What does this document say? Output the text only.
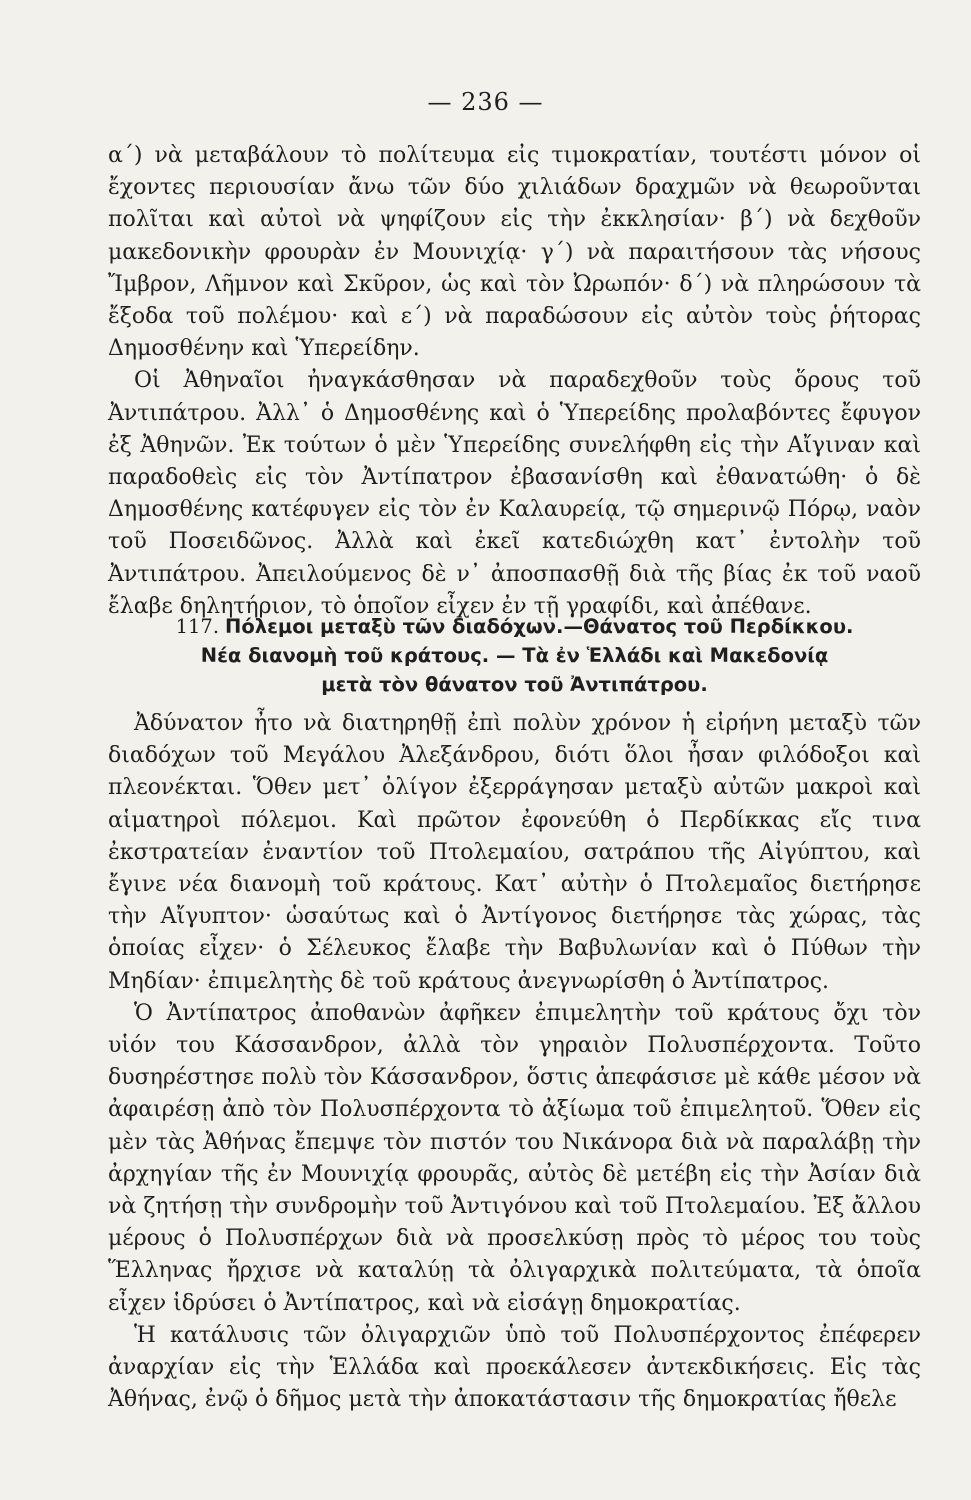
— 236 —

α΄) νὰ μεταβάλουν τὸ πολίτευμα εἰς τιμοκρατίαν, τουτέστι μόνον οἱ ἔχοντες περιουσίαν ἄνω τῶν δύο χιλιάδων δραχμῶν νὰ θεωροῦνται πολῖται καὶ αὐτοὶ νὰ ψηφίζουν εἰς τὴν ἐκκλησίαν· β΄) νὰ δεχθοῦν μακεδονικὴν φρουρὰν ἐν Μουνιχίᾳ· γ΄) νὰ παραιτήσουν τὰς νήσους Ἴμβρον, Λῆμνον καὶ Σκῦρον, ὡς καὶ τὸν Ὠρωπόν· δ΄) νὰ πληρώσουν τὰ ἔξοδα τοῦ πολέμου· καὶ ε΄) νὰ παραδώσουν εἰς αὐτὸν τοὺς ῥήτορας Δημοσθένην καὶ Ὑπερείδην.

Οἱ Ἀθηναῖοι ἠναγκάσθησαν νὰ παραδεχθοῦν τοὺς ὅρους τοῦ Ἀντιπάτρου. Ἀλλ᾿ ὁ Δημοσθένης καὶ ὁ Ὑπερείδης προλαβόντες ἔφυγον ἐξ Ἀθηνῶν. Ἐκ τούτων ὁ μὲν Ὑπερείδης συνελήφθη εἰς τὴν Αἴγιναν καὶ παραδοθεὶς εἰς τὸν Ἀντίπατρον ἐβασανίσθη καὶ ἐθανατώθη· ὁ δὲ Δημοσθένης κατέφυγεν εἰς τὸν ἐν Καλαυρείᾳ, τῷ σημερινῷ Πόρῳ, ναὸν τοῦ Ποσειδῶνος. Ἀλλὰ καὶ ἐκεῖ κατεδιώχθη κατ᾿ ἐντολὴν τοῦ Ἀντιπάτρου. Ἀπειλούμενος δὲ ν᾿ ἀποσπασθῇ διὰ τῆς βίας ἐκ τοῦ ναοῦ ἔλαβε δηλητήριον, τὸ ὁποῖον εἶχεν ἐν τῇ γραφίδι, καὶ ἀπέθανε.

117. Πόλεμοι μεταξὺ τῶν διαδόχων.—Θάνατος τοῦ Περδίκκου.
Νέα διανομὴ τοῦ κράτους. — Τὰ ἐν Ἑλλάδι καὶ Μακεδονίᾳ
μετὰ τὸν θάνατον τοῦ Ἀντιπάτρου.

Ἀδύνατον ἦτο νὰ διατηρηθῇ ἐπὶ πολὺν χρόνον ἡ εἰρήνη μεταξὺ τῶν διαδόχων τοῦ Μεγάλου Ἀλεξάνδρου, διότι ὅλοι ἦσαν φιλόδοξοι καὶ πλεονέκται. Ὅθεν μετ᾿ ὀλίγον ἐξερράγησαν μεταξὺ αὐτῶν μακροὶ καὶ αἱματηροὶ πόλεμοι. Καὶ πρῶτον ἐφονεύθη ὁ Περδίκκας εἴς τινα ἐκστρατείαν ἐναντίον τοῦ Πτολεμαίου, σατράπου τῆς Αἰγύπτου, καὶ ἔγινε νέα διανομὴ τοῦ κράτους. Κατ᾿ αὐτὴν ὁ Πτολεμαῖος διετήρησε τὴν Αἴγυπτον· ὡσαύτως καὶ ὁ Ἀντίγονος διετήρησε τὰς χώρας, τὰς ὁποίας εἶχεν· ὁ Σέλευκος ἔλαβε τὴν Βαβυλωνίαν καὶ ὁ Πύθων τὴν Μηδίαν· ἐπιμελητὴς δὲ τοῦ κράτους ἀνεγνωρίσθη ὁ Ἀντίπατρος.

Ὁ Ἀντίπατρος ἀποθανὼν ἀφῆκεν ἐπιμελητὴν τοῦ κράτους ὄχι τὸν υἱόν του Κάσσανδρον, ἀλλὰ τὸν γηραιὸν Πολυσπέρχοντα. Τοῦτο δυσηρέστησε πολὺ τὸν Κάσσανδρον, ὅστις ἀπεφάσισε μὲ κάθε μέσον νὰ ἀφαιρέσῃ ἀπὸ τὸν Πολυσπέρχοντα τὸ ἀξίωμα τοῦ ἐπιμελητοῦ. Ὅθεν εἰς μὲν τὰς Ἀθήνας ἔπεμψε τὸν πιστόν του Νικάνορα διὰ νὰ παραλάβῃ τὴν ἀρχηγίαν τῆς ἐν Μουνιχίᾳ φρουρᾶς, αὐτὸς δὲ μετέβη εἰς τὴν Ἀσίαν διὰ νὰ ζητήσῃ τὴν συνδρομὴν τοῦ Ἀντιγόνου καὶ τοῦ Πτολεμαίου. Ἐξ ἄλλου μέρους ὁ Πολυσπέρχων διὰ νὰ προσελκύσῃ πρὸς τὸ μέρος του τοὺς Ἕλληνας ἤρχισε νὰ καταλύῃ τὰ ὀλιγαρχικὰ πολιτεύματα, τὰ ὁποῖα εἶχεν ἱδρύσει ὁ Ἀντίπατρος, καὶ νὰ εἰσάγῃ δημοκρατίας.

Ἡ κατάλυσις τῶν ὀλιγαρχιῶν ὑπὸ τοῦ Πολυσπέρχοντος ἐπέφερεν ἀναρχίαν εἰς τὴν Ἑλλάδα καὶ προεκάλεσεν ἀντεκδικήσεις. Εἰς τὰς Ἀθήνας, ἐνῷ ὁ δῆμος μετὰ τὴν ἀποκατάστασιν τῆς δημοκρατίας ἤθελε
